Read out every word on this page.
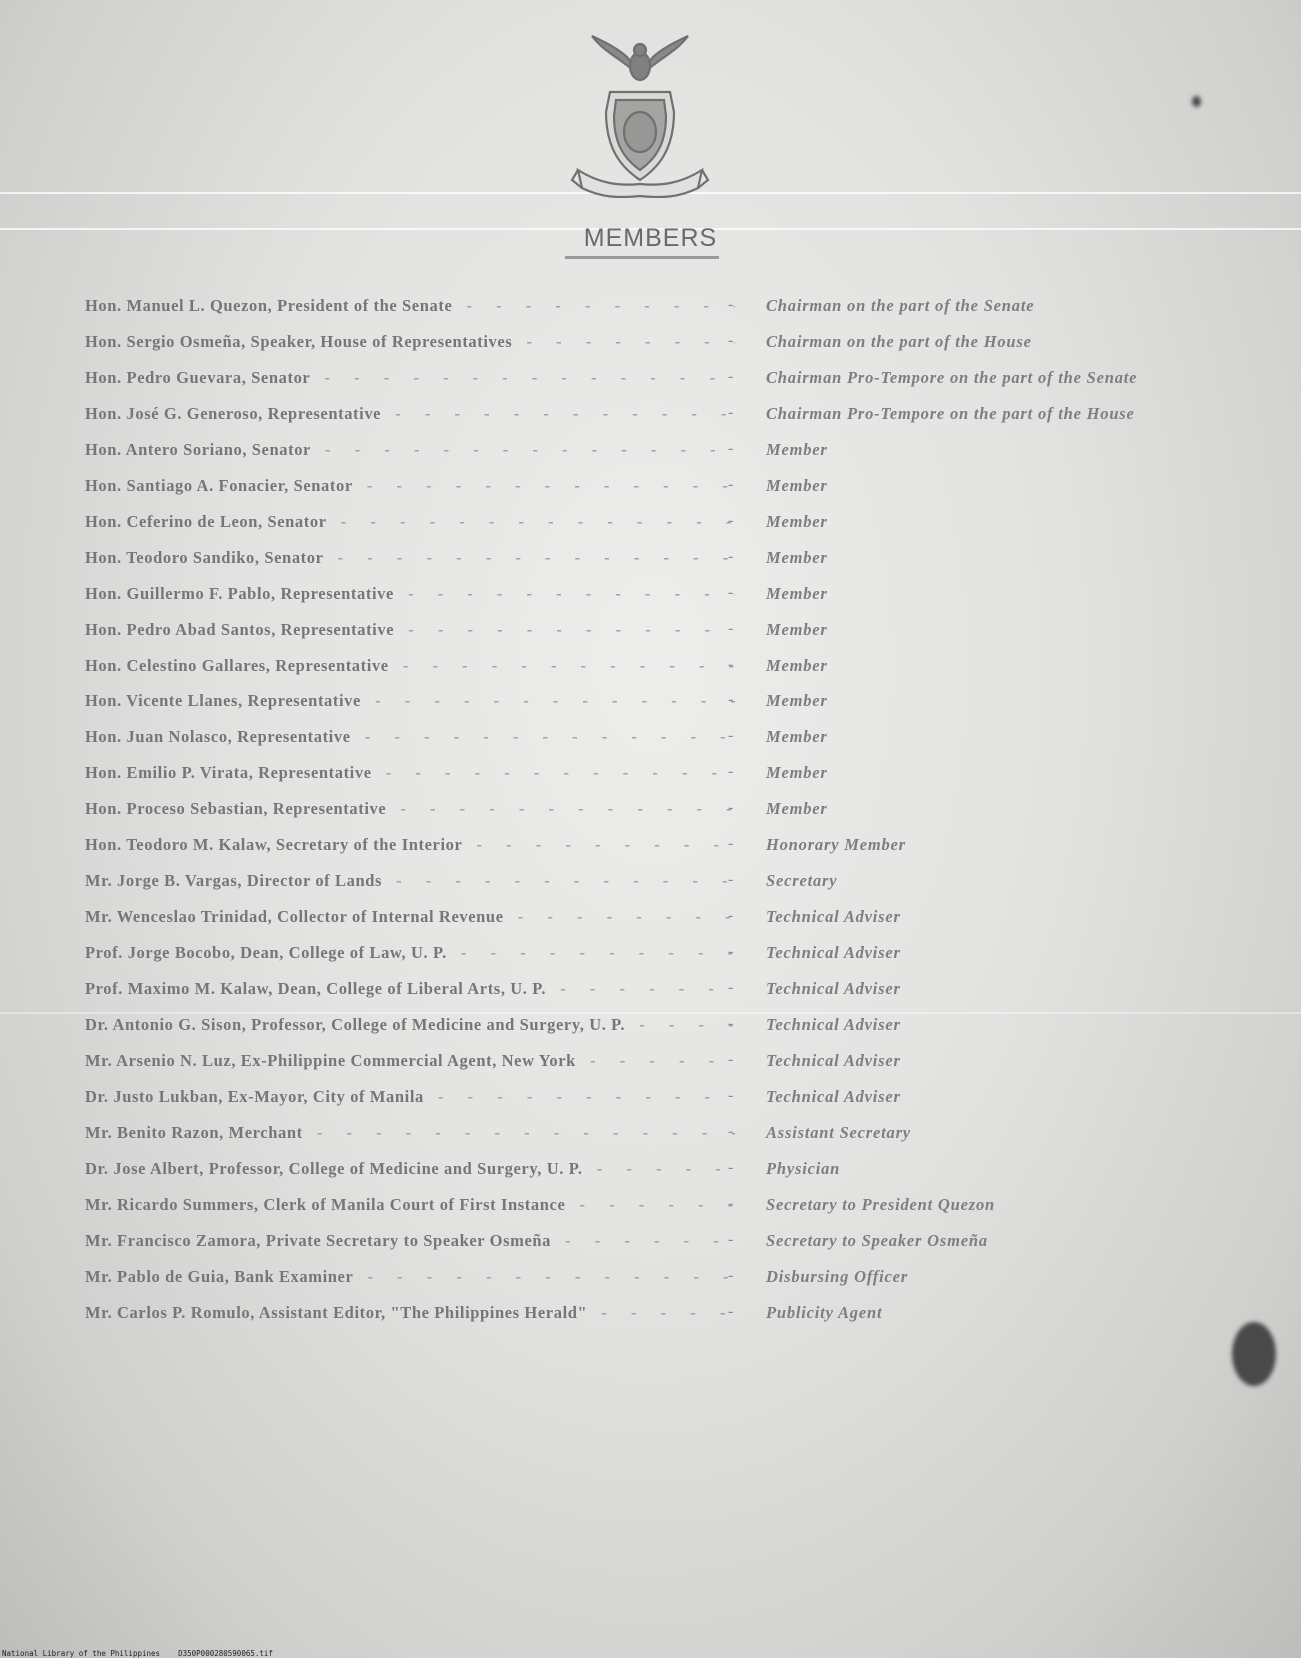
MEMBERS
Hon. Manuel L. Quezon, President of the Senate - - -	- Chairman on the part of the Senate
Hon. Sergio Osmeña, Speaker, House of Representatives - - -	- Chairman on the part of the House
Hon. Pedro Guevara, Senator - - -	- Chairman Pro-Tempore on the part of the Senate
Hon. José G. Generoso, Representative - - -	- Chairman Pro-Tempore on the part of the House
Hon. Antero Soriano, Senator - - -	- Member
Hon. Santiago A. Fonacier, Senator - - -	- Member
Hon. Ceferino de Leon, Senator - - -	- Member
Hon. Teodoro Sandiko, Senator - - -	- Member
Hon. Guillermo F. Pablo, Representative - - -	- Member
Hon. Pedro Abad Santos, Representative - - -	- Member
Hon. Celestino Gallares, Representative - - -	- Member
Hon. Vicente Llanes, Representative - - -	- Member
Hon. Juan Nolasco, Representative - - -	- Member
Hon. Emilio P. Virata, Representative - - -	- Member
Hon. Proceso Sebastian, Representative - - -	- Member
Hon. Teodoro M. Kalaw, Secretary of the Interior - - -	- Honorary Member
Mr. Jorge B. Vargas, Director of Lands - - -	- Secretary
Mr. Wenceslao Trinidad, Collector of Internal Revenue - - -	- Technical Adviser
Prof. Jorge Bocobo, Dean, College of Law, U. P. - - -	- Technical Adviser
Prof. Maximo M. Kalaw, Dean, College of Liberal Arts, U. P. - - -	- Technical Adviser
Dr. Antonio G. Sison, Professor, College of Medicine and Surgery, U. P. - - -	- Technical Adviser
Mr. Arsenio N. Luz, Ex-Philippine Commercial Agent, New York - - -	- Technical Adviser
Dr. Justo Lukban, Ex-Mayor, City of Manila - - -	- Technical Adviser
Mr. Benito Razon, Merchant - - -	- Assistant Secretary
Dr. Jose Albert, Professor, College of Medicine and Surgery, U. P. - - -	- Physician
Mr. Ricardo Summers, Clerk of Manila Court of First Instance - - -	- Secretary to President Quezon
Mr. Francisco Zamora, Private Secretary to Speaker Osmeña - - -	- Secretary to Speaker Osmeña
Mr. Pablo de Guia, Bank Examiner - - -	- Disbursing Officer
Mr. Carlos P. Romulo, Assistant Editor, "The Philippines Herald" - - -	- Publicity Agent
National Library of the Philippines D350P000280590065.tif
